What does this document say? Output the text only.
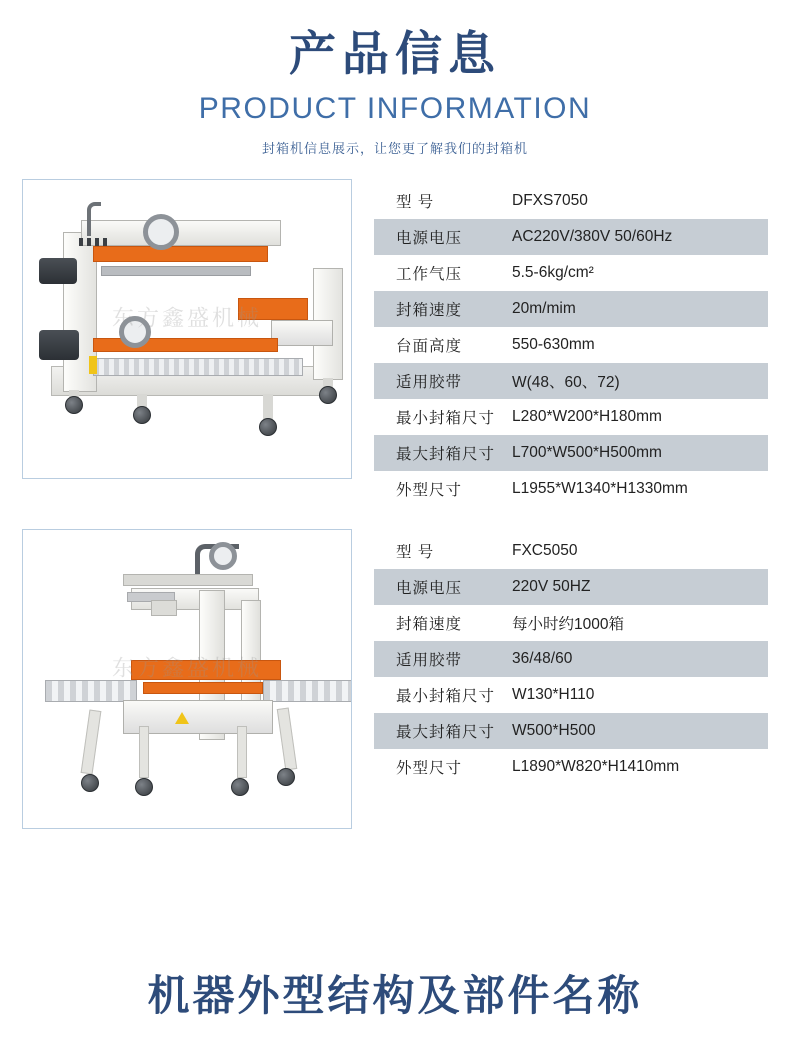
产品信息
PRODUCT INFORMATION
封箱机信息展示，让您更了解我们的封箱机
东方鑫盛机械
型 号	DFXS7050
电源电压	AC220V/380V 50/60Hz
工作气压	5.5-6kg/cm²
封箱速度	20m/mim
台面高度	550-630mm
适用胶带	W(48、60、72)
最小封箱尺寸	L280*W200*H180mm
最大封箱尺寸	L700*W500*H500mm
外型尺寸	L1955*W1340*H1330mm
东方鑫盛机械
型 号	FXC5050
电源电压	220V 50HZ
封箱速度	每小时约1000箱
适用胶带	36/48/60
最小封箱尺寸	W130*H110
最大封箱尺寸	W500*H500
外型尺寸	L1890*W820*H1410mm
机器外型结构及部件名称
